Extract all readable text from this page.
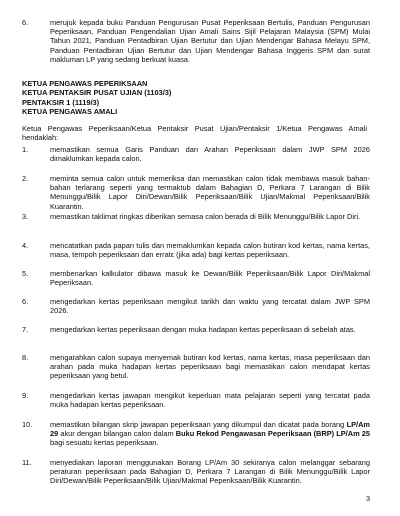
6.	merujuk kepada buku Panduan Pengurusan Pusat Peperiksaan Bertulis, Panduan Pengurusan Peperiksaan, Panduan Pengendalian Ujian Amali Sains Sijil Pelajaran Malaysia (SPM) Mulai Tahun 2021, Panduan Pentadbiran Ujian Bertutur dan Ujian Mendengar Bahasa Melayu SPM, Panduan Pentadbiran Ujian Bertutur dan Ujian Mendengar Bahasa Inggeris SPM dan surat makluman LP yang sedang berkuat kuasa.
KETUA PENGAWAS PEPERIKSAAN
KETUA PENTAKSIR PUSAT UJIAN (1103/3)
PENTAKSIR 1 (1119/3)
KETUA PENGAWAS AMALI
Ketua Pengawas Peperiksaan/Ketua Pentaksir Pusat Ujian/Pentaksir 1/Ketua Pengawas Amali hendaklah:
1.	memastikan semua Garis Panduan dan Arahan Peperiksaan dalam JWP SPM 2026 dimaklumkan kepada calon.
2.	meminta semua calon untuk memeriksa dan memastikan calon tidak membawa masuk bahan-bahan terlarang seperti yang termaktub dalam Bahagian D, Perkara 7 Larangan di Bilik Menunggu/Bilik Lapor Diri/Dewan/Bilik Peperiksaan/Bilik Ujian/Makmal Peperiksaan/Bilik Kuarantin.
3.	memastikan taklimat ringkas diberikan semasa calon berada di Bilik Menunggu/Bilik Lapor Diri.
4.	mencatatkan pada papan tulis dan memaklumkan kepada calon butiran kod kertas, nama kertas, masa, tempoh peperiksaan dan erratε (jika ada) bagi kertas peperiksaan.
5.	membenarkan kalkulator dibawa masuk ke Dewan/Bilik Peperiksaan/Bilik Lapor Diri/Makmal Peperiksaan.
6.	mengedarkan kertas peperiksaan mengikut tarikh dan waktu yang tercatat dalam JWP SPM 2026.
7.	mengedarkan kertas peperiksaan dengan muka hadapan kertas peperiksaan di sebelah atas.
8.	mengarahkan calon supaya menyemak butiran kod kertas, nama kertas, masa peperiksaan dan arahan pada muka hadapan kertas peperiksaan bagi memastikan calon mendapat kertas peperiksaan yang betul.
9.	mengedarkan kertas jawapan mengikut keperluan mata pelajaran seperti yang tercatat pada muka hadapan kertas peperiksaan.
10.	memastikan bilangan skrip jawapan peperiksaan yang dikumpul dan dicatat pada borang LP/Am 29 akur dengan bilangan calon dalam Buku Rekod Pengawasan Peperiksaan (BRP) LP/Am 25 bagi sesuatu kertas peperiksaan.
11.	menyediakan laporan menggunakan Borang LP/Am 30 sekiranya calon melanggar sebarang peraturan peperiksaan pada Bahagian D, Perkara 7 Larangan di Bilik Menunggu/Bilik Lapor Diri/Dewan/Bilik Peperiksaan/Bilik Ujian/Makmal Peperiksaan/Bilik Kuarantin.
3
